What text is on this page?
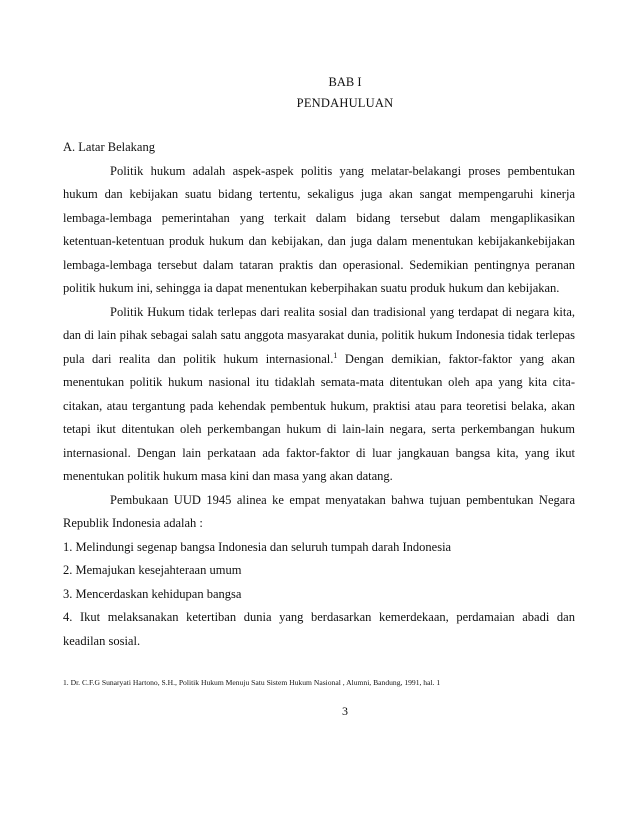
BAB I
PENDAHULUAN

A. Latar Belakang

Politik hukum adalah aspek-aspek politis yang melatar-belakangi proses pembentukan hukum dan kebijakan suatu bidang tertentu, sekaligus juga akan sangat mempengaruhi kinerja lembaga-lembaga pemerintahan yang terkait dalam bidang tersebut dalam mengaplikasikan ketentuan-ketentuan produk hukum dan kebijakan, dan juga dalam menentukan kebijakankebijakan lembaga-lembaga tersebut dalam tataran praktis dan operasional. Sedemikian pentingnya peranan politik hukum ini, sehingga ia dapat menentukan keberpihakan suatu produk hukum dan kebijakan.

Politik Hukum tidak terlepas dari realita sosial dan tradisional yang terdapat di negara kita, dan di lain pihak sebagai salah satu anggota masyarakat dunia, politik hukum Indonesia tidak terlepas pula dari realita dan politik hukum internasional.$^1$ Dengan demikian, faktor-faktor yang akan menentukan politik hukum nasional itu tidaklah semata-mata ditentukan oleh apa yang kita cita-citakan, atau tergantung pada kehendak pembentuk hukum, praktisi atau para teoretisi belaka, akan tetapi ikut ditentukan oleh perkembangan hukum di lain-lain negara, serta perkembangan hukum internasional. Dengan lain perkataan ada faktor-faktor di luar jangkauan bangsa kita, yang ikut menentukan politik hukum masa kini dan masa yang akan datang.

Pembukaan UUD 1945 alinea ke empat menyatakan bahwa tujuan pembentukan Negara Republik Indonesia adalah :

1. Melindungi segenap bangsa Indonesia dan seluruh tumpah darah Indonesia

2. Memajukan kesejahteraan umum

3. Mencerdaskan kehidupan bangsa

4. Ikut melaksanakan ketertiban dunia yang berdasarkan kemerdekaan, perdamaian abadi dan keadilan sosial.

1. Dr. C.F.G Sunaryati Hartono, S.H., Politik Hukum Menuju Satu Sistem Hukum Nasional , Alumni, Bandung, 1991, hal. 1
3
